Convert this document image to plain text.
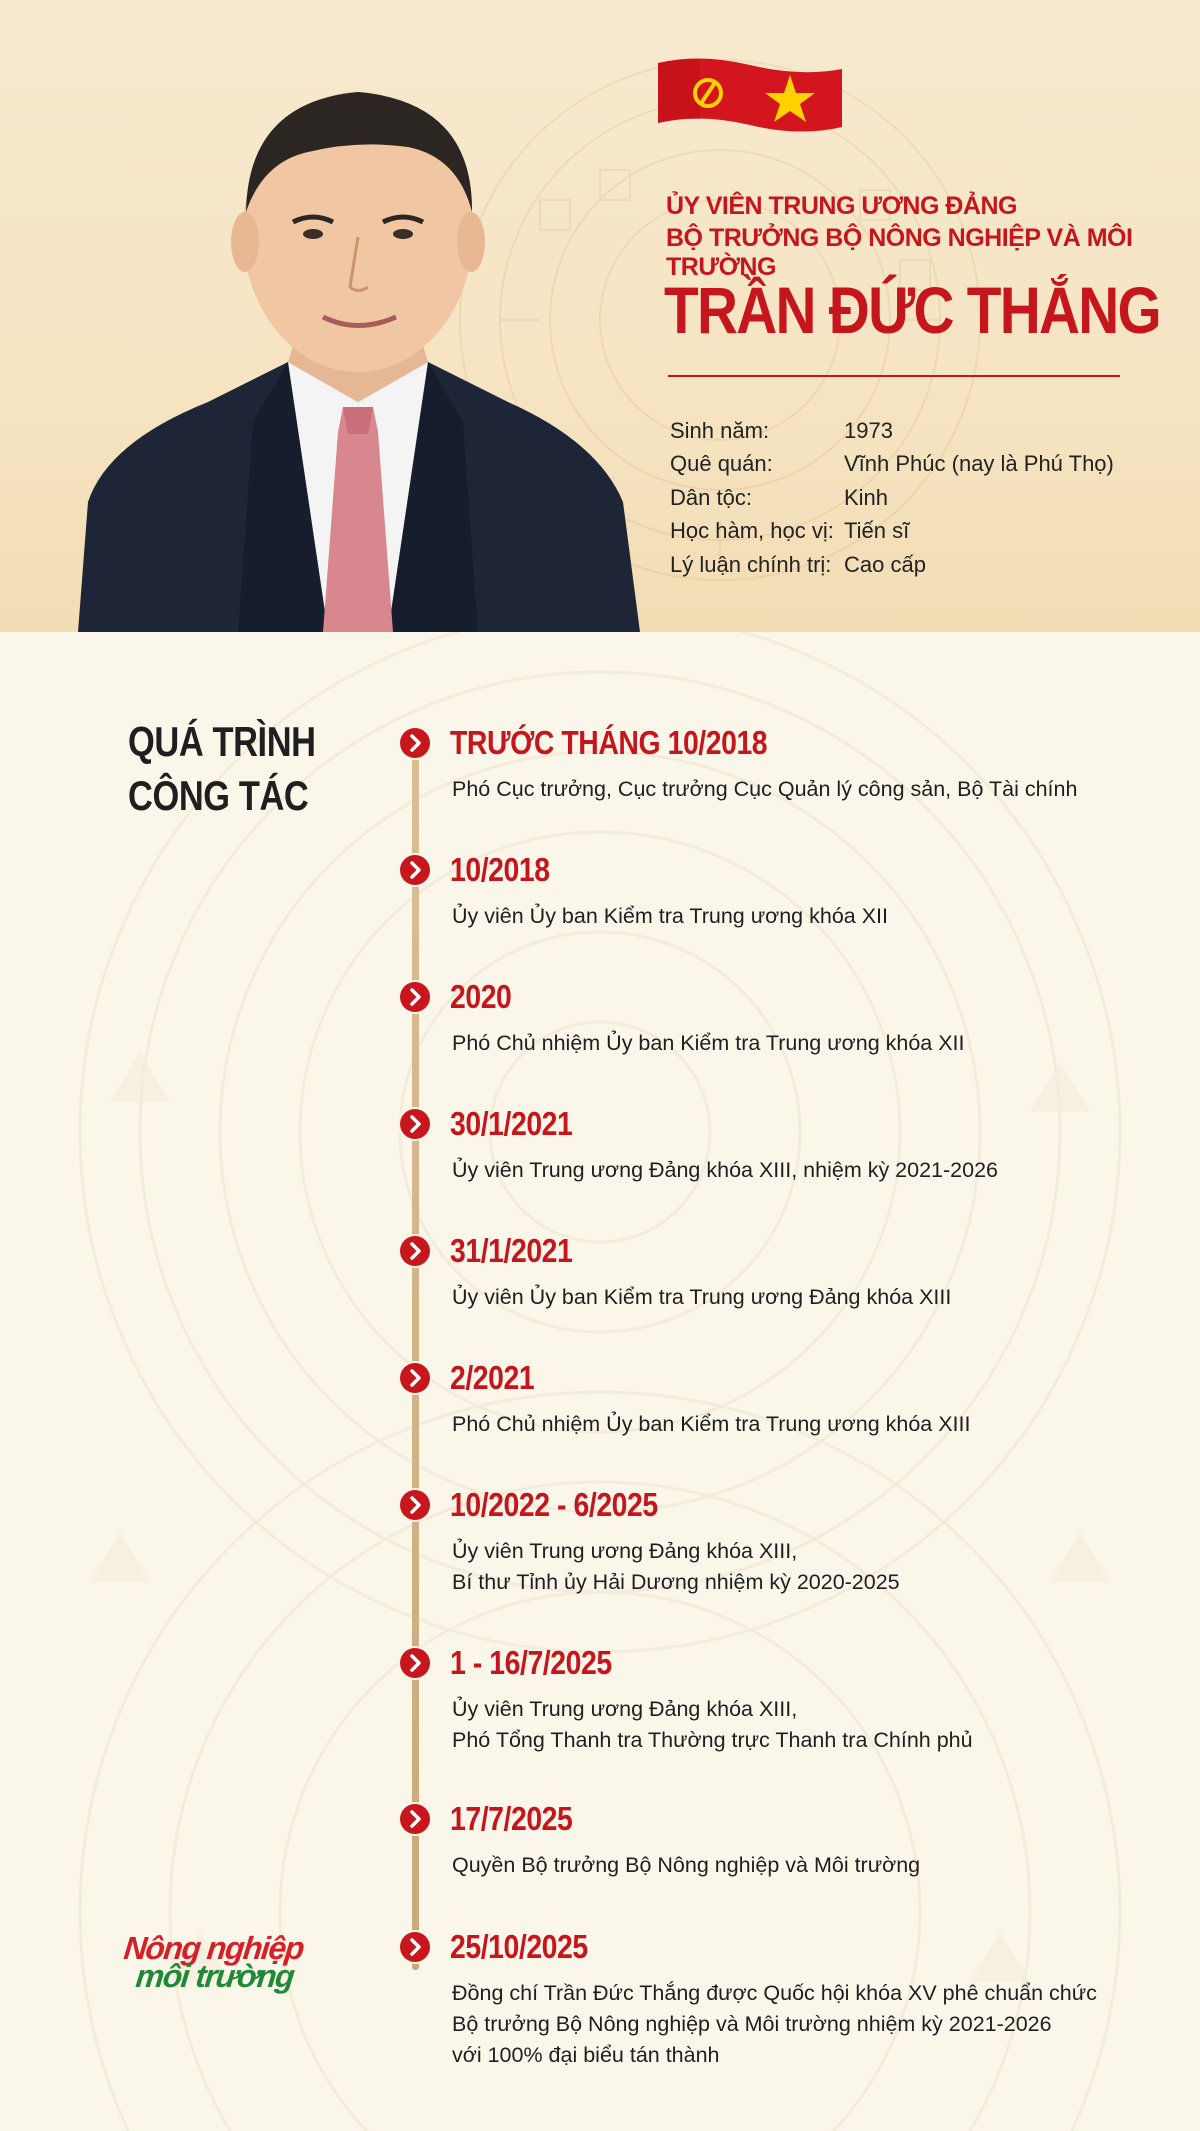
ỦY VIÊN TRUNG ƯƠNG ĐẢNG
BỘ TRƯỞNG BỘ NÔNG NGHIỆP VÀ MÔI TRƯỜNG
TRẦN ĐỨC THẮNG
Sinh năm:	1973
Quê quán:	Vĩnh Phúc (nay là Phú Thọ)
Dân tộc:	Kinh
Học hàm, học vị: Tiến sĩ
Lý luận chính trị: Cao cấp
QUÁ TRÌNH
CÔNG TÁC
TRƯỚC THÁNG 10/2018
Phó Cục trưởng, Cục trưởng Cục Quản lý công sản, Bộ Tài chính
10/2018
Ủy viên Ủy ban Kiểm tra Trung ương khóa XII
2020
Phó Chủ nhiệm Ủy ban Kiểm tra Trung ương khóa XII
30/1/2021
Ủy viên Trung ương Đảng khóa XIII, nhiệm kỳ 2021-2026
31/1/2021
Ủy viên Ủy ban Kiểm tra Trung ương Đảng khóa XIII
2/2021
Phó Chủ nhiệm Ủy ban Kiểm tra Trung ương khóa XIII
10/2022 - 6/2025
Ủy viên Trung ương Đảng khóa XIII,
Bí thư Tỉnh ủy Hải Dương nhiệm kỳ 2020-2025
1 - 16/7/2025
Ủy viên Trung ương Đảng khóa XIII,
Phó Tổng Thanh tra Thường trực Thanh tra Chính phủ
17/7/2025
Quyền Bộ trưởng Bộ Nông nghiệp và Môi trường
25/10/2025
Đồng chí Trần Đức Thắng được Quốc hội khóa XV phê chuẩn chức
Bộ trưởng Bộ Nông nghiệp và Môi trường nhiệm kỳ 2021-2026
với 100% đại biểu tán thành
Nông nghiệp
môi trường
